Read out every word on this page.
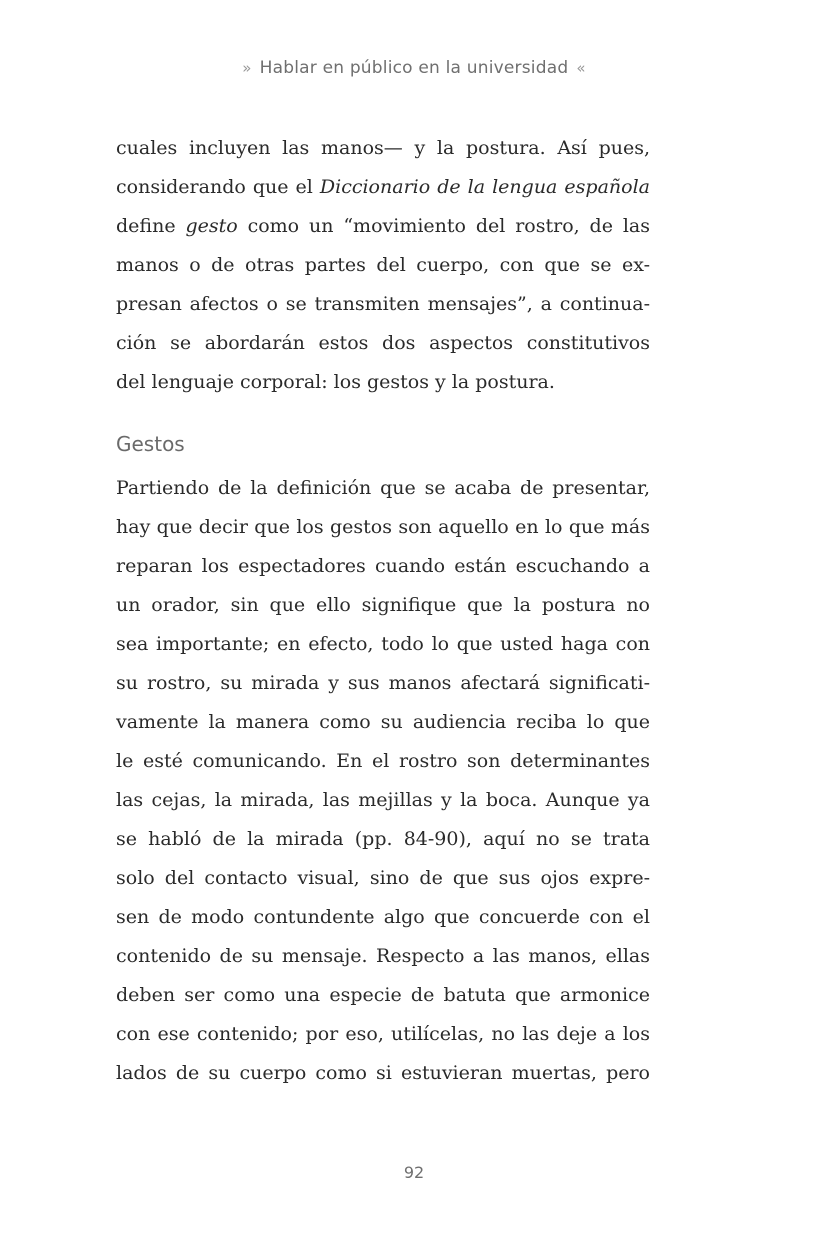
» Hablar en público en la universidad «
cuales incluyen las manos— y la postura. Así pues,
considerando que el Diccionario de la lengua española
define gesto como un “movimiento del rostro, de las
manos o de otras partes del cuerpo, con que se ex-
presan afectos o se transmiten mensajes”, a continua-
ción se abordarán estos dos aspectos constitutivos
del lenguaje corporal: los gestos y la postura.
Gestos
Partiendo de la definición que se acaba de presentar,
hay que decir que los gestos son aquello en lo que más
reparan los espectadores cuando están escuchando a
un orador, sin que ello signifique que la postura no
sea importante; en efecto, todo lo que usted haga con
su rostro, su mirada y sus manos afectará significati-
vamente la manera como su audiencia reciba lo que
le esté comunicando. En el rostro son determinantes
las cejas, la mirada, las mejillas y la boca. Aunque ya
se habló de la mirada (pp. 84-90), aquí no se trata
solo del contacto visual, sino de que sus ojos expre-
sen de modo contundente algo que concuerde con el
contenido de su mensaje. Respecto a las manos, ellas
deben ser como una especie de batuta que armonice
con ese contenido; por eso, utilícelas, no las deje a los
lados de su cuerpo como si estuvieran muertas, pero
92
